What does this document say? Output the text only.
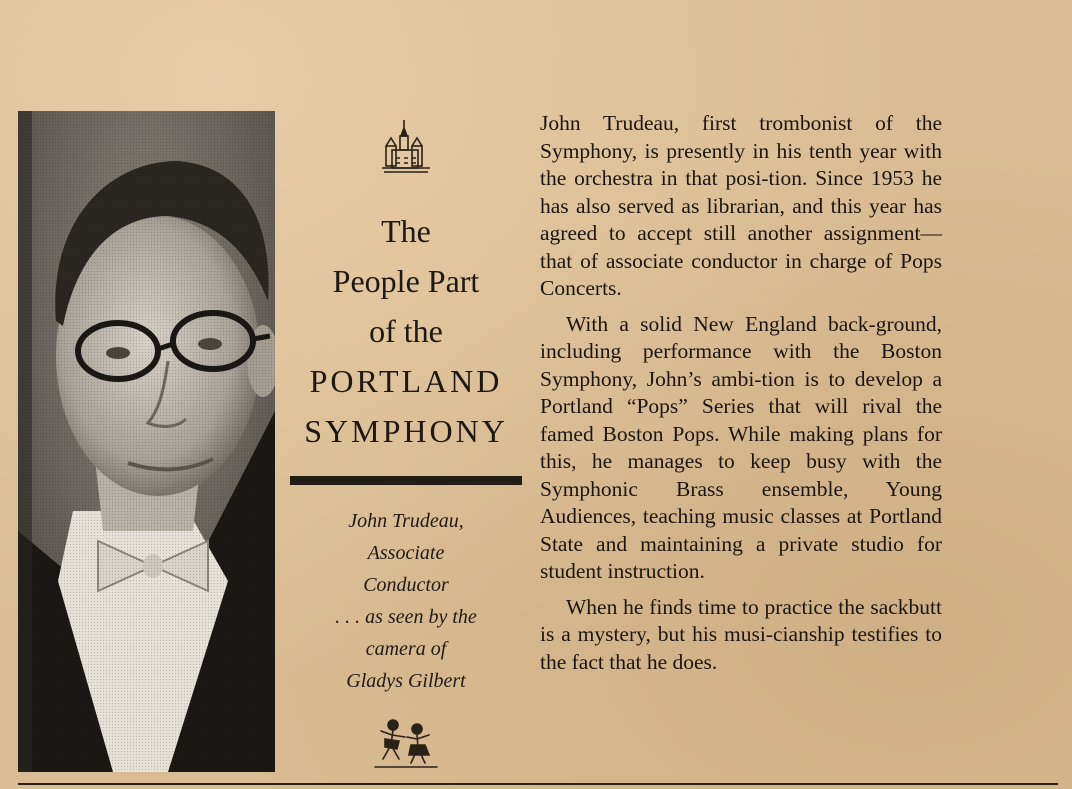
The
People Part
of the
PORTLAND
SYMPHONY
John Trudeau,
Associate
Conductor
. . . as seen by the
camera of
Gladys Gilbert

John Trudeau, first trombonist of the Symphony, is presently in his tenth year with the orchestra in that posi-tion. Since 1953 he has also served as librarian, and this year has agreed to accept still another assignment—that of associate conductor in charge of Pops Concerts.

With a solid New England back-ground, including performance with the Boston Symphony, John’s ambi-tion is to develop a Portland “Pops” Series that will rival the famed Boston Pops. While making plans for this, he manages to keep busy with the Symphonic Brass ensemble, Young Audiences, teaching music classes at Portland State and maintaining a private studio for student instruction.

When he finds time to practice the sackbutt is a mystery, but his musi-cianship testifies to the fact that he does.
